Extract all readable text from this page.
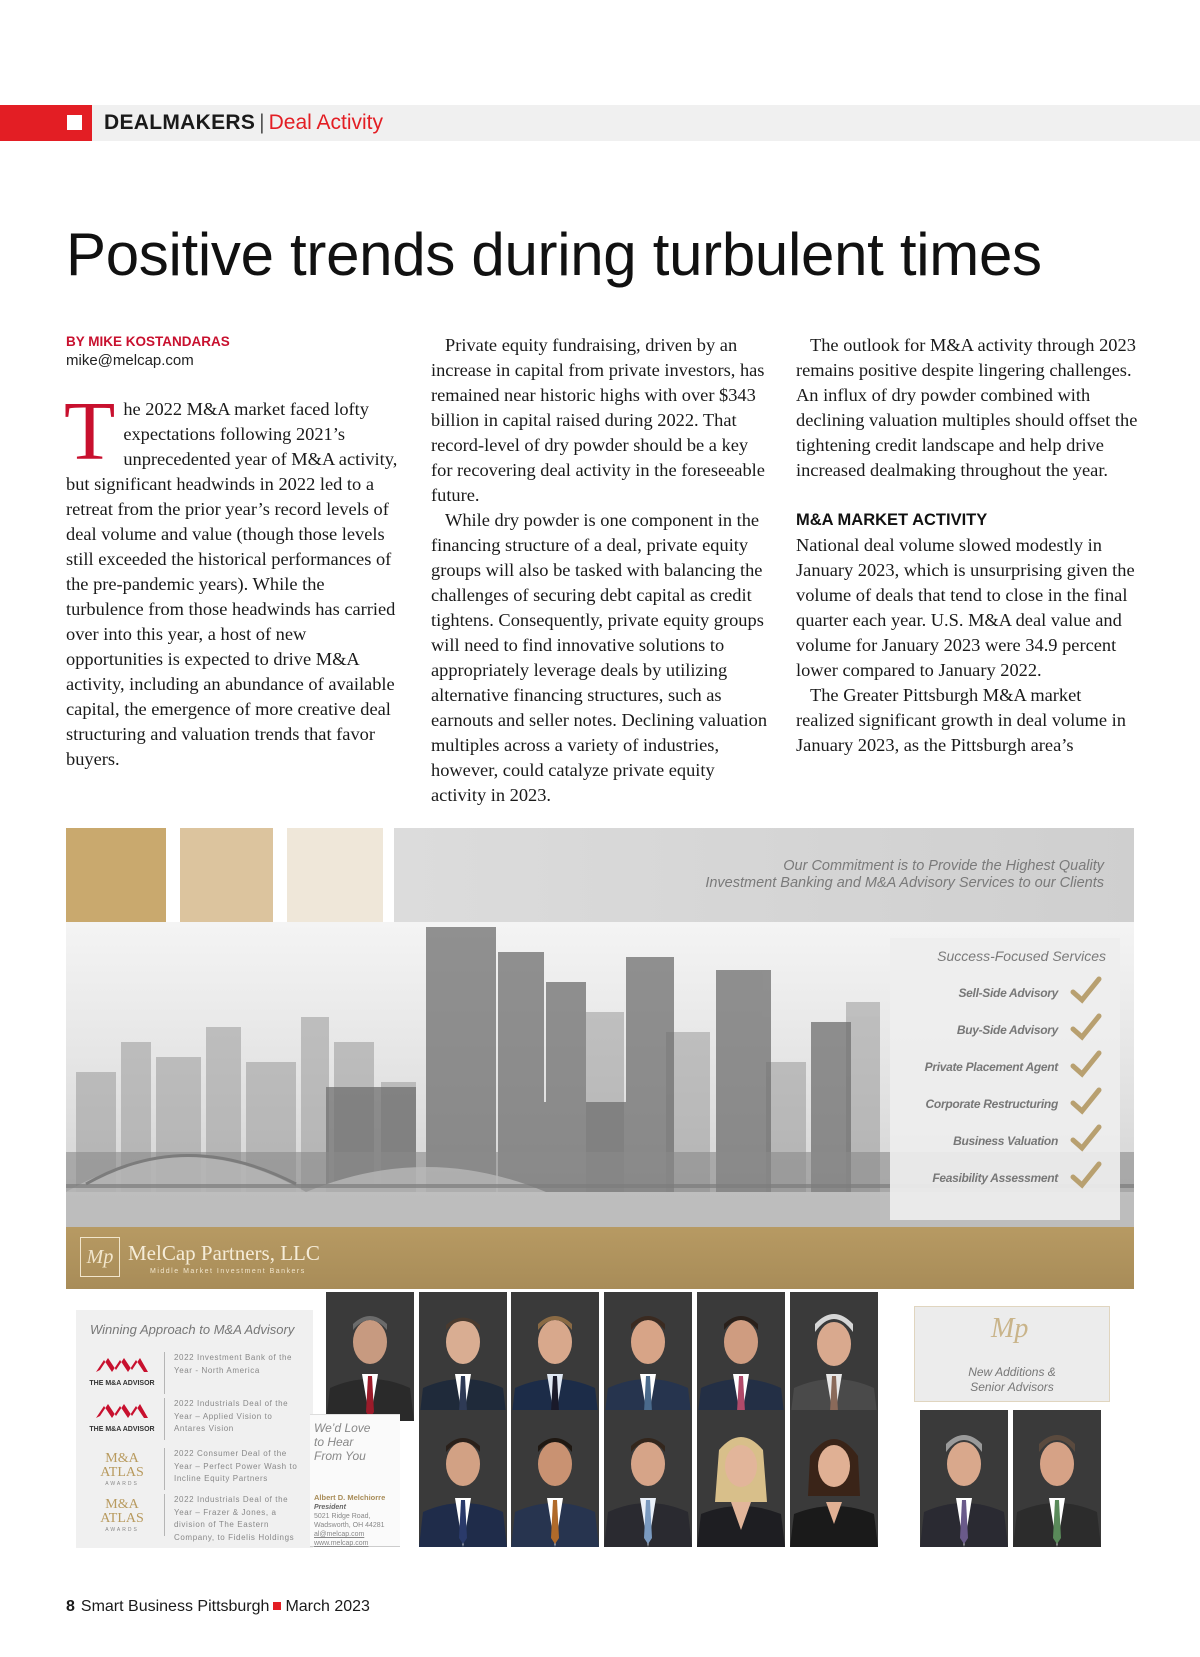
DEALMAKERS | Deal Activity
Positive trends during turbulent times
BY MIKE KOSTANDARAS
mike@melcap.com

The 2022 M&A market faced lofty expectations following 2021’s unprecedented year of M&A activity, but significant headwinds in 2022 led to a retreat from the prior year’s record levels of deal volume and value (though those levels still exceeded the historical performances of the pre-pandemic years). While the turbulence from those headwinds has carried over into this year, a host of new opportunities is expected to drive M&A activity, including an abundance of available capital, the emergence of more creative deal structuring and valuation trends that favor buyers.

Private equity fundraising, driven by an increase in capital from private investors, has remained near historic highs with over $343 billion in capital raised during 2022. That record-level of dry powder should be a key for recovering deal activity in the foreseeable future.

While dry powder is one component in the financing structure of a deal, private equity groups will also be tasked with balancing the challenges of securing debt capital as credit tightens. Consequently, private equity groups will need to find innovative solutions to appropriately leverage deals by utilizing alternative financing structures, such as earnouts and seller notes. Declining valuation multiples across a variety of industries, however, could catalyze private equity activity in 2023.

The outlook for M&A activity through 2023 remains positive despite lingering challenges. An influx of dry powder combined with declining valuation multiples should offset the tightening credit landscape and help drive increased dealmaking throughout the year.

M&A MARKET ACTIVITY

National deal volume slowed modestly in January 2023, which is unsurprising given the volume of deals that tend to close in the final quarter each year. U.S. M&A deal value and volume for January 2023 were 34.9 percent lower compared to January 2022.

The Greater Pittsburgh M&A market realized significant growth in deal volume in January 2023, as the Pittsburgh area’s

Our Commitment is to Provide the Highest Quality
Investment Banking and M&A Advisory Services to our Clients
Success-Focused Services
Sell-Side Advisory
Buy-Side Advisory
Private Placement Agent
Corporate Restructuring
Business Valuation
Feasibility Assessment
Mp MelCap Partners, LLC
Middle Market Investment Bankers
Winning Approach to M&A Advisory
THE M&A ADVISOR
2022 Investment Bank of the Year - North America
THE M&A ADVISOR
2022 Industrials Deal of the Year – Applied Vision to Antares Vision
M&A
ATLAS
AWARDS
2022 Consumer Deal of the Year – Perfect Power Wash to Incline Equity Partners
M&A
ATLAS
AWARDS
2022 Industrials Deal of the Year – Frazer & Jones, a division of The Eastern Company, to Fidelis Holdings
We’d Love
to Hear
From You
Albert D. Melchiorre
President
5021 Ridge Road,
Wadsworth, OH 44281
al@melcap.com
www.melcap.com
Mp
New Additions &
Senior Advisors
8 Smart Business Pittsburgh March 2023
